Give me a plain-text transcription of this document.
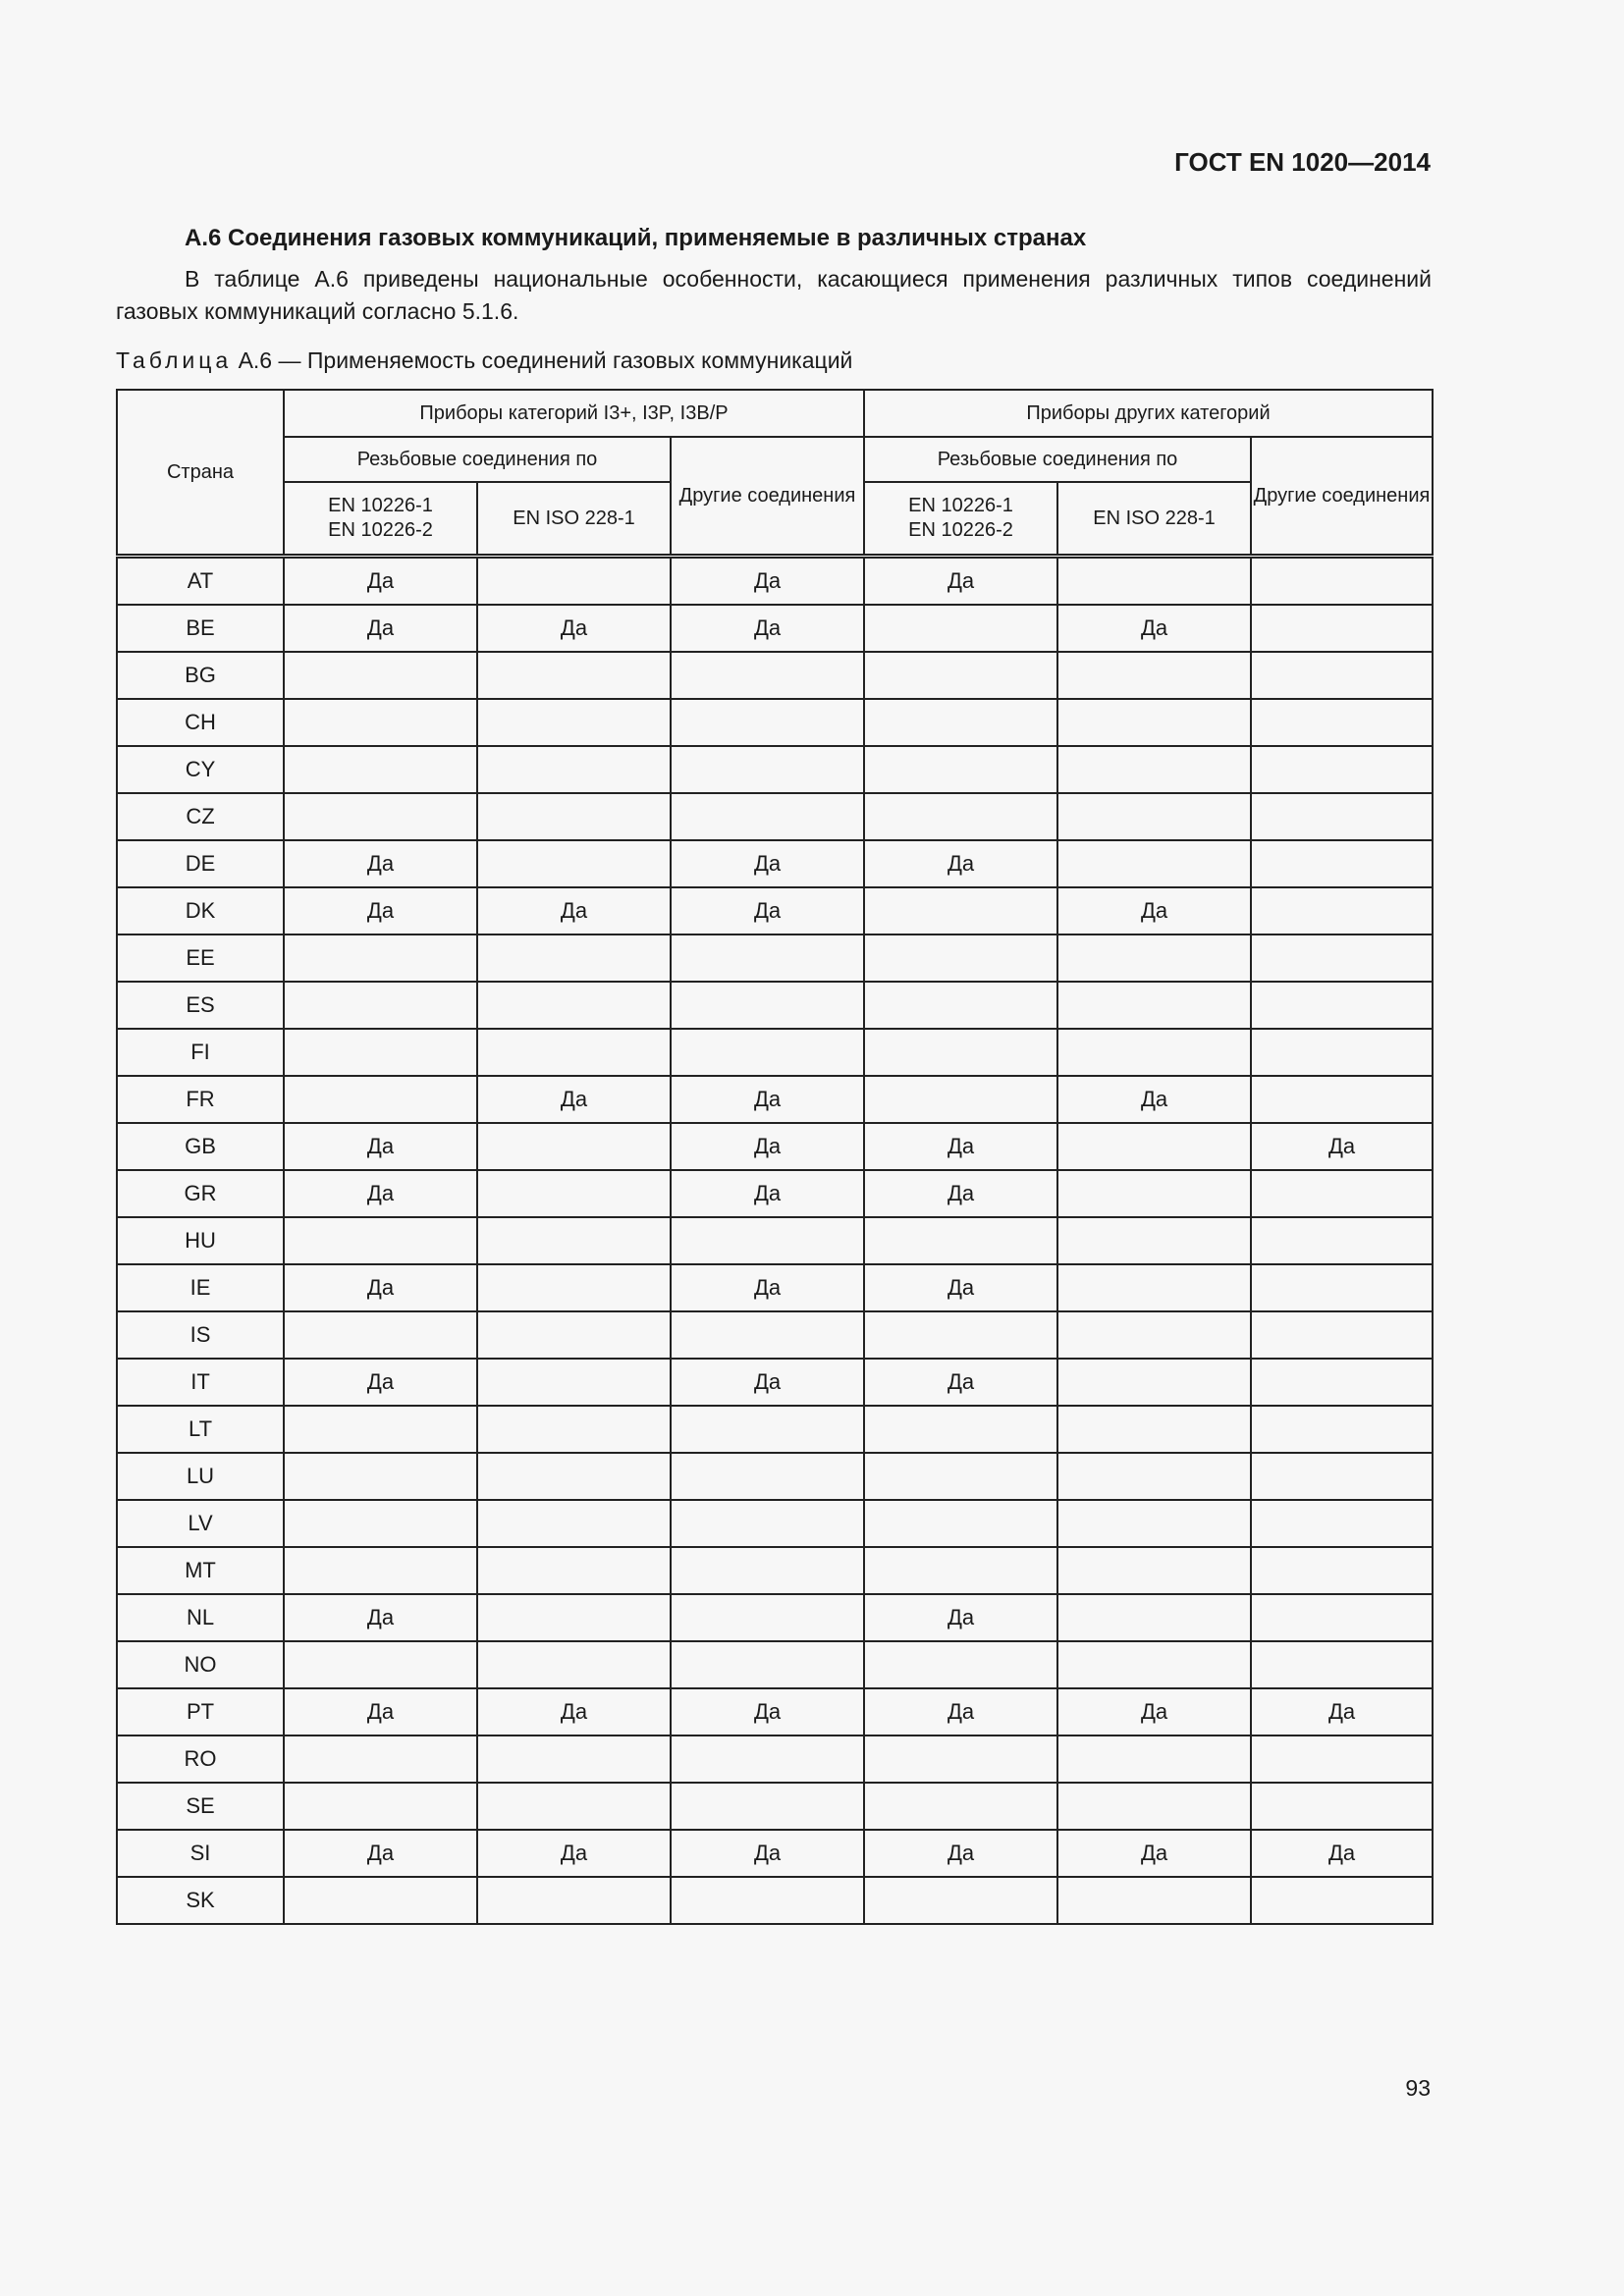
ГОСТ EN 1020—2014
А.6 Соединения газовых коммуникаций, применяемые в различных странах
В таблице А.6 приведены национальные особенности, касающиеся применения различных типов соединений газовых коммуникаций согласно 5.1.6.
Таблица А.6 — Применяемость соединений газовых коммуникаций
Страна	Приборы категорий I3+, I3P, I3B/P			Приборы других категорий		
	Резьбовые соединения по		Другие соединения	Резьбовые соединения по		Другие соединения
	EN 10226-1
EN 10226-2	EN ISO 228-1		EN 10226-1
EN 10226-2	EN ISO 228-1	
AT	Да		Да	Да		
BE	Да	Да	Да		Да	
BG						
CH						
CY						
CZ						
DE	Да		Да	Да		
DK	Да	Да	Да		Да	
EE						
ES						
FI						
FR		Да	Да		Да	
GB	Да		Да	Да		Да
GR	Да		Да	Да		
HU						
IE	Да		Да	Да		
IS						
IT	Да		Да	Да		
LT						
LU						
LV						
MT						
NL	Да			Да		
NO						
PT	Да	Да	Да	Да	Да	Да
RO						
SE						
SI	Да	Да	Да	Да	Да	Да
SK						
93
